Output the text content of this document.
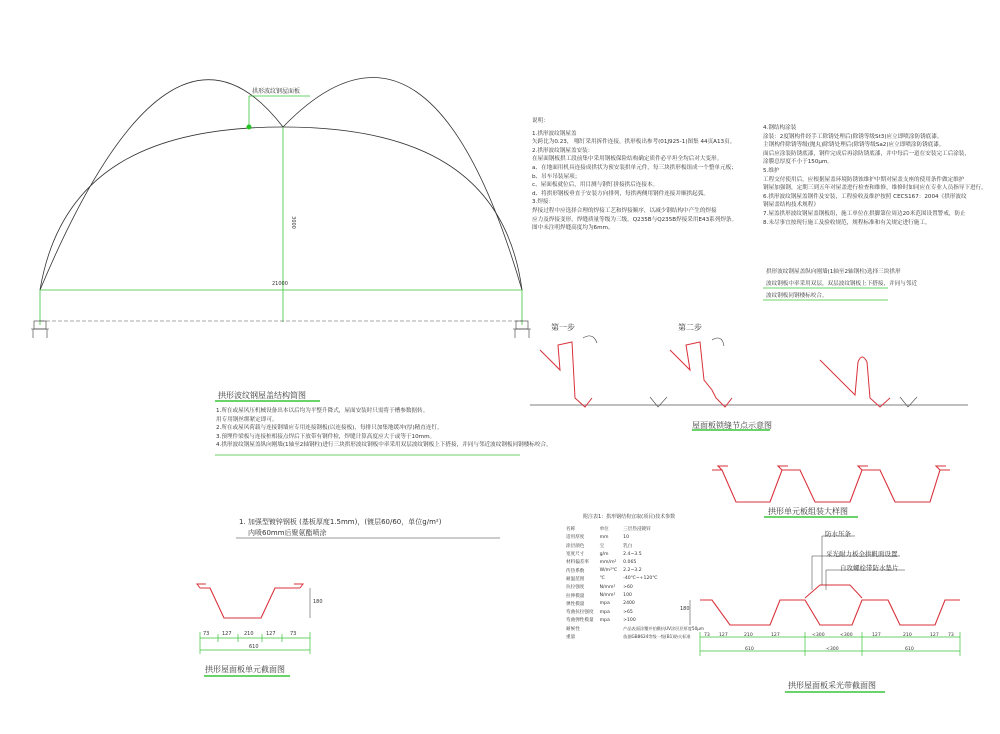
拱形波纹钢屋面板
3000
21000
拱形波纹钢屋盖结构简图
1.所在或屋风压机械设备出本以后均为平整升降式，屋面安装时只需将于槽参数据转。
用专用钢丝绑紧定即可。
2.所在或屋风荷载与连接钢墙应专用连接钢板(以连接板)，每排只加集地缓冲(厚)精直连钉。
3.预埋件梁板与连接桩相接点焊后下放带有钢件检，焊缝计算高度应大于或等于10mm。
4.拱形波纹钢屋盖纵向刚墙(1轴至2轴钢柱)进行三块拱形波纹钢板中率采用双层波纹钢板上下搭接，并同与邻近波纹钢板同钢楼标咬合。
说明：
1.拱形波纹钢屋盖
矢跨比为0.23， 哪钉采用拆件连接，拱形板出参考(01J925-1)图集 44页A13页。
2.拱形波纹钢屋盖安装：
在屋面钢板拱工段前集中采用钢板保险结构确定质件必平坦全均后对大变形。
a、在地面用机具连接成拱状为预安装拱单元件，每三块拱形板组成一个整单元板；
b、吊车吊装屋项；
c、屋面板就位后，用目测与钢钉拼接拱后连接本。
d、将拱形钢板垂直于安装方向排列，每拱两侧用钢件连接并顺拱起弧。
3.焊接：
焊接过程中应选择合理的焊接工艺和焊接顺序，以减少钢结构中产生的焊接
应力及焊接变形，焊缝质量等级为三级。Q235B与Q235B焊接采用E43系列焊条。
图中未注明焊缝高度均为6mm。
4.钢结构涂装
涂装：2度钢构件经手工除锈处理后(除锈等级St3)应立即喷涂防锈底漆。
主钢构件除锈等级(抛丸)除锈处理后(除锈等级Sa2)应立即喷涂防锈底漆。
面后应涂装防锈底漆，钢件完成后再涂防锈底漆，并中每后一道在安装完工后涂装，
涂膜总厚度不小于150μm。
5.维护
工程交付使用后，应根据屋盖环境防锈蚀维护中期对屋盖支座的使用条件做定维护
钢屋加强钢，定期三到五年对屋盖进行检查和维修，维修时如同应在专业人员指导下进行。
6.拱形波纹钢屋盖钢件及安装，工程验收及维护按照 CECS167：2004《拱形波纹
钢屋盖结构技术规程》
7.屋盖拱形波纹钢屋盖钢板组，施工单位在拱脚第位周边20米范围设置警戒，防止
8.未尽事宜按现行施工及验收规范，规程标准和有关规定进行施工。
拱形波纹钢屋盖纵向刚墙(1轴至2轴钢柱)选择三块拱形
波纹钢板中率采用双层，双层波纹钢板上下搭接，并同与邻近
波纹钢板同钢楼标咬合。
第一步	第二步
屋面板锁缝节点示意图
拱形单元板组装大样图
1. 加强型镀锌钢板 (基板厚度1.5mm)，(镀层60/60，单位g/m²)
内喷60mm后聚氨酯喷涂
180
73	127 210 127	73
610
拱形屋面板单元截面图
防水压条
采光耐力板全拱帆面设置
自攻螺栓带防水垫片
180
73 127	210	127	<300	<300	127	210	127 73
610	<300	610
拱形屋面板采光带截面图
附注表1：拱形钢结构宜取(项目)技术参数
名称	单位	三层热浸镀锌
适用厚度	mm	10
涂层颜色	宝	乳白
宽度尺寸	g/m	2.4~3.5
材料偏差率	mm/m²	0.065
传热系数	W/m²℃	2.2~3.2
耐温范围	℃	-40℃~+120℃
抗拉强度	N/mm²	>60
拉伸模量	N/mm²	100
弹性模量	mpa	2400
弯曲抗拉强度	mpa	>65
弯曲弹性模量	mpa	>100
耐候性		产品表面涂覆并拍摄抗UV涂层层厚度50μm
重量		依据GB8624等级一级(B1)防火标准
